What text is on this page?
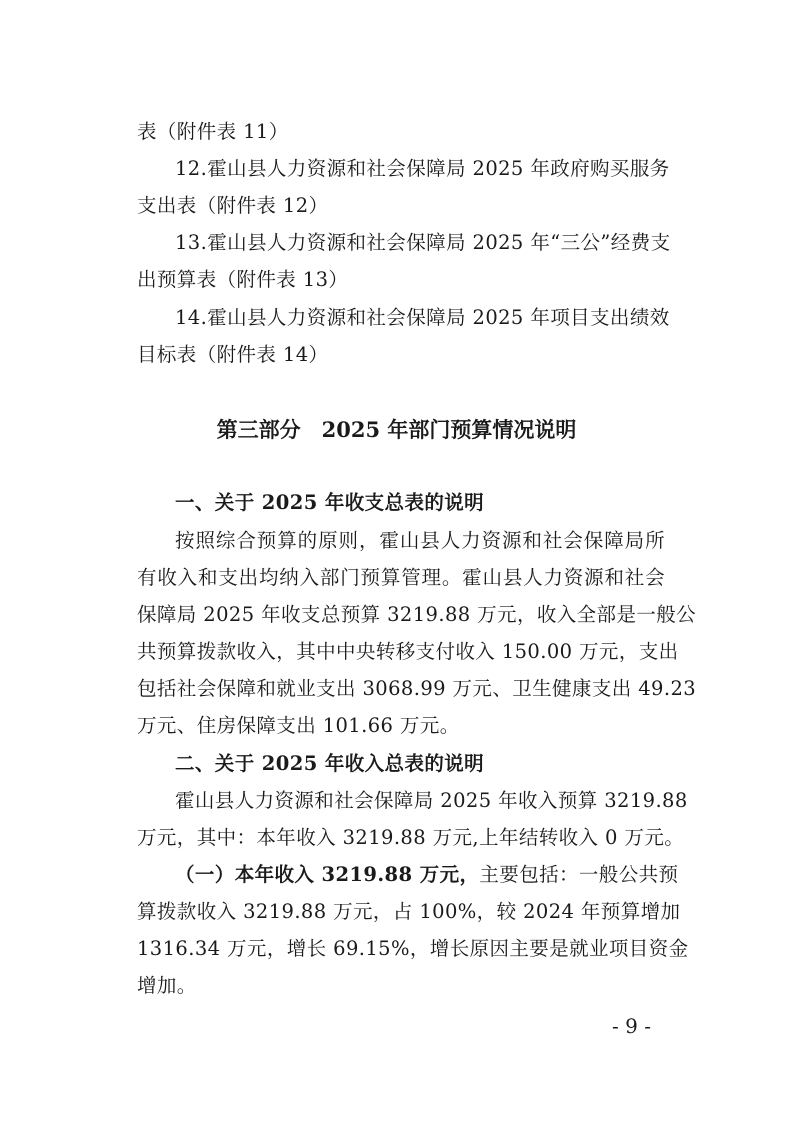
表（附件表 11）
12.霍山县人力资源和社会保障局 2025 年政府购买服务
支出表（附件表 12）
13.霍山县人力资源和社会保障局 2025 年“三公”经费支
出预算表（附件表 13）
14.霍山县人力资源和社会保障局 2025 年项目支出绩效
目标表（附件表 14）
第三部分　2025 年部门预算情况说明
一、关于 2025 年收支总表的说明
按照综合预算的原则，霍山县人力资源和社会保障局所
有收入和支出均纳入部门预算管理。霍山县人力资源和社会
保障局 2025 年收支总预算 3219.88 万元，收入全部是一般公
共预算拨款收入，其中中央转移支付收入 150.00 万元，支出
包括社会保障和就业支出 3068.99 万元、卫生健康支出 49.23
万元、住房保障支出 101.66 万元。
二、关于 2025 年收入总表的说明
霍山县人力资源和社会保障局 2025 年收入预算 3219.88
万元，其中：本年收入 3219.88 万元,上年结转收入 0 万元。
（一）本年收入 3219.88 万元，主要包括：一般公共预
算拨款收入 3219.88 万元，占 100%，较 2024 年预算增加
1316.34 万元，增长 69.15%，增长原因主要是就业项目资金
增加。
- 9 -
